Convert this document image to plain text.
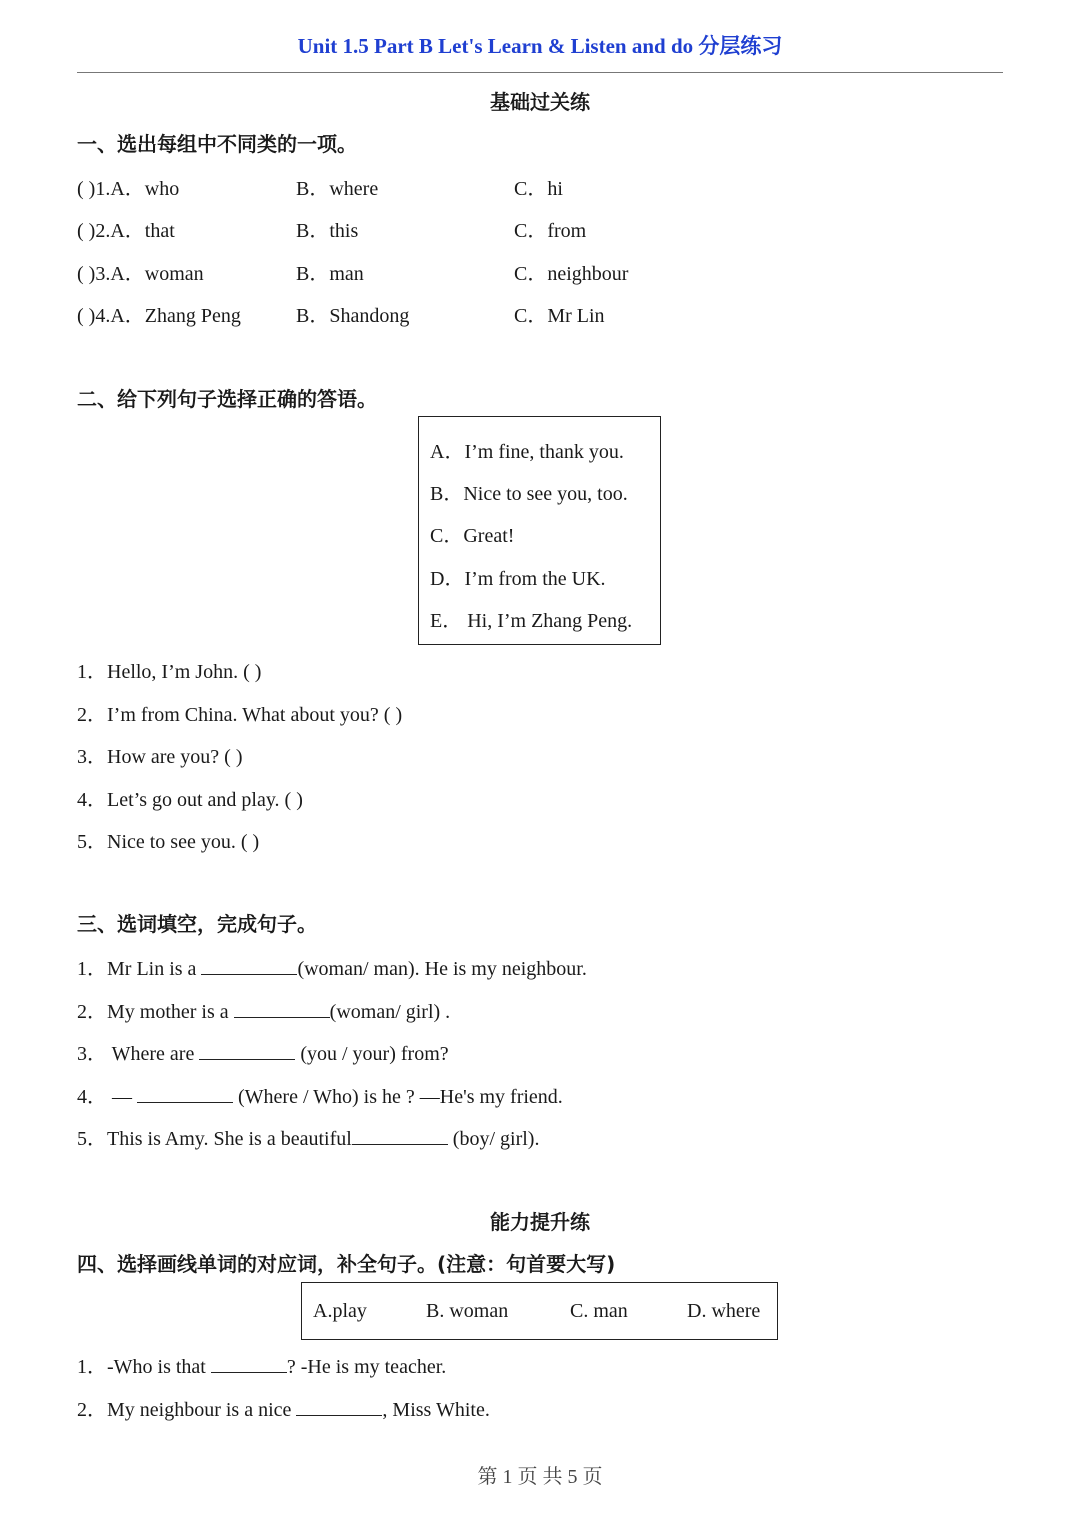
Unit 1.5 Part B Let's Learn & Listen and do 分层练习
基础过关练
一、选出每组中不同类的一项。
( )1.A．who	B．where	C．hi
( )2.A．that	B．this	C．from
( )3.A．woman	B．man	C．neighbour
( )4.A．Zhang Peng	B．Shandong	C．Mr Lin
二、给下列句子选择正确的答语。
A．I’m fine, thank you.
B．Nice to see you, too.
C．Great!
D．I’m from the UK.
E． Hi, I’m Zhang Peng.
1．Hello, I’m John. ( )
2．I’m from China. What about you? ( )
3．How are you? ( )
4．Let’s go out and play. ( )
5．Nice to see you. ( )
三、选词填空，完成句子。
1．Mr Lin is a	(woman/ man). He is my neighbour.
2．My mother is a	(woman/ girl) .
3． Where are	(you / your) from?
4． —	(Where / Who) is he ? —He's my friend.
5．This is Amy. She is a beautiful	(boy/ girl).
能力提升练
四、选择画线单词的对应词，补全句子。(注意：句首要大写)
A.play	B. woman	C. man	D. where
1．-Who is that	? -He is my teacher.
2．My neighbour is a nice	, Miss White.
第 1 页 共 5 页
